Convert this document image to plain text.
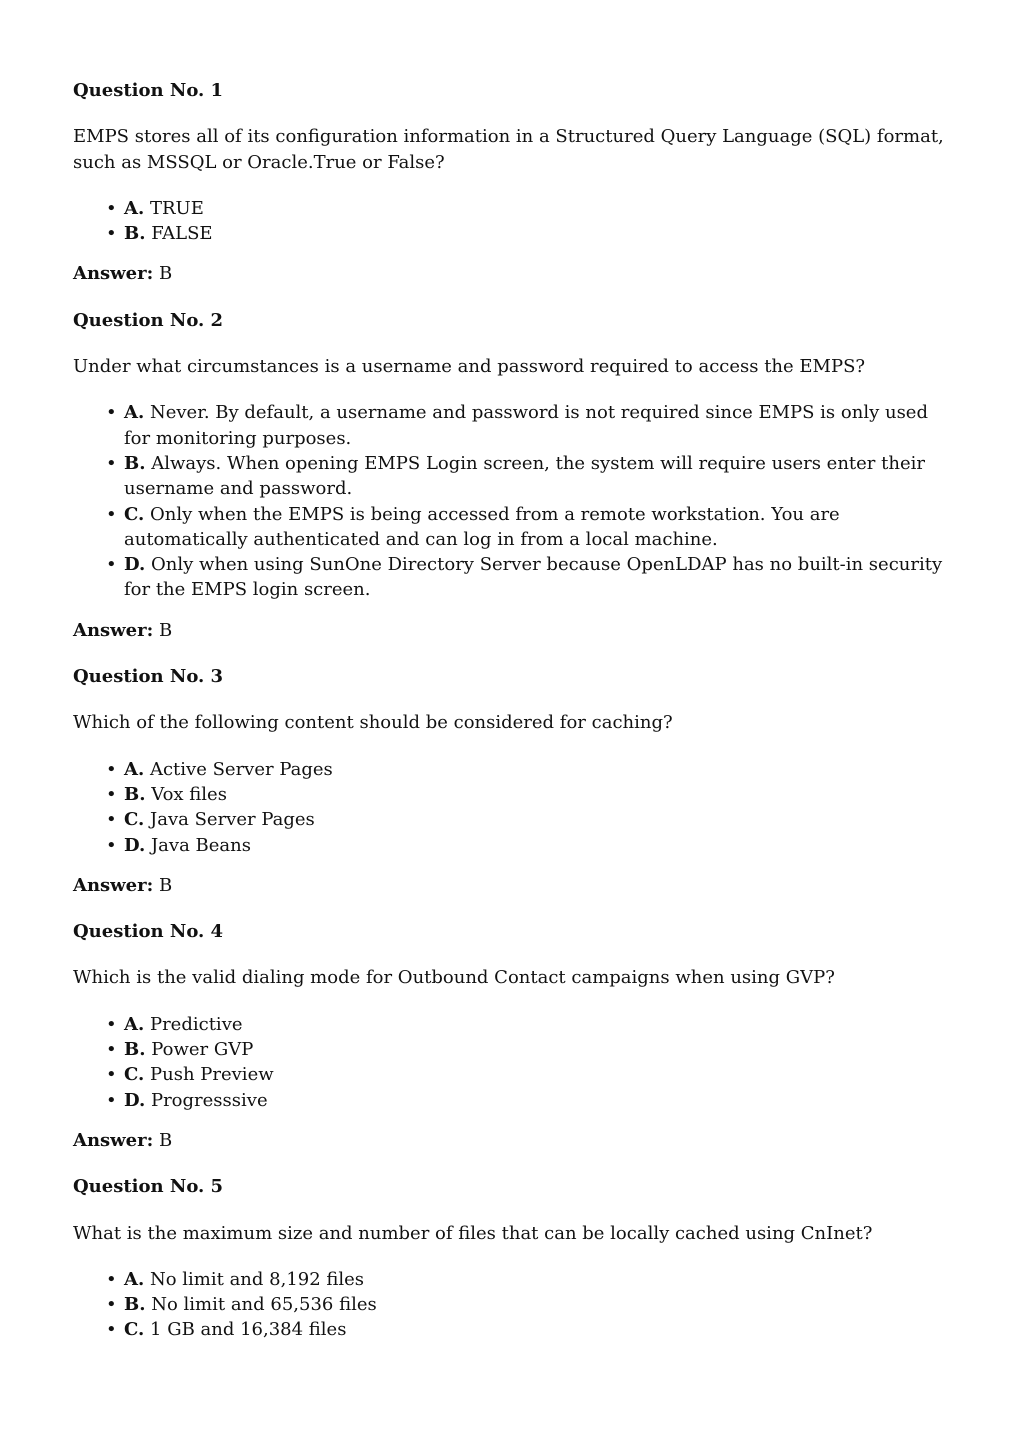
Question No. 1
EMPS stores all of its configuration information in a Structured Query Language (SQL) format, such as MSSQL or Oracle.True or False?
• A. TRUE
• B. FALSE
Answer: B
Question No. 2
Under what circumstances is a username and password required to access the EMPS?
• A. Never. By default, a username and password is not required since EMPS is only used for monitoring purposes.
• B. Always. When opening EMPS Login screen, the system will require users enter their username and password.
• C. Only when the EMPS is being accessed from a remote workstation. You are automatically authenticated and can log in from a local machine.
• D. Only when using SunOne Directory Server because OpenLDAP has no built-in security for the EMPS login screen.
Answer: B
Question No. 3
Which of the following content should be considered for caching?
• A. Active Server Pages
• B. Vox files
• C. Java Server Pages
• D. Java Beans
Answer: B
Question No. 4
Which is the valid dialing mode for Outbound Contact campaigns when using GVP?
• A. Predictive
• B. Power GVP
• C. Push Preview
• D. Progresssive
Answer: B
Question No. 5
What is the maximum size and number of files that can be locally cached using CnInet?
• A. No limit and 8,192 files
• B. No limit and 65,536 files
• C. 1 GB and 16,384 files
